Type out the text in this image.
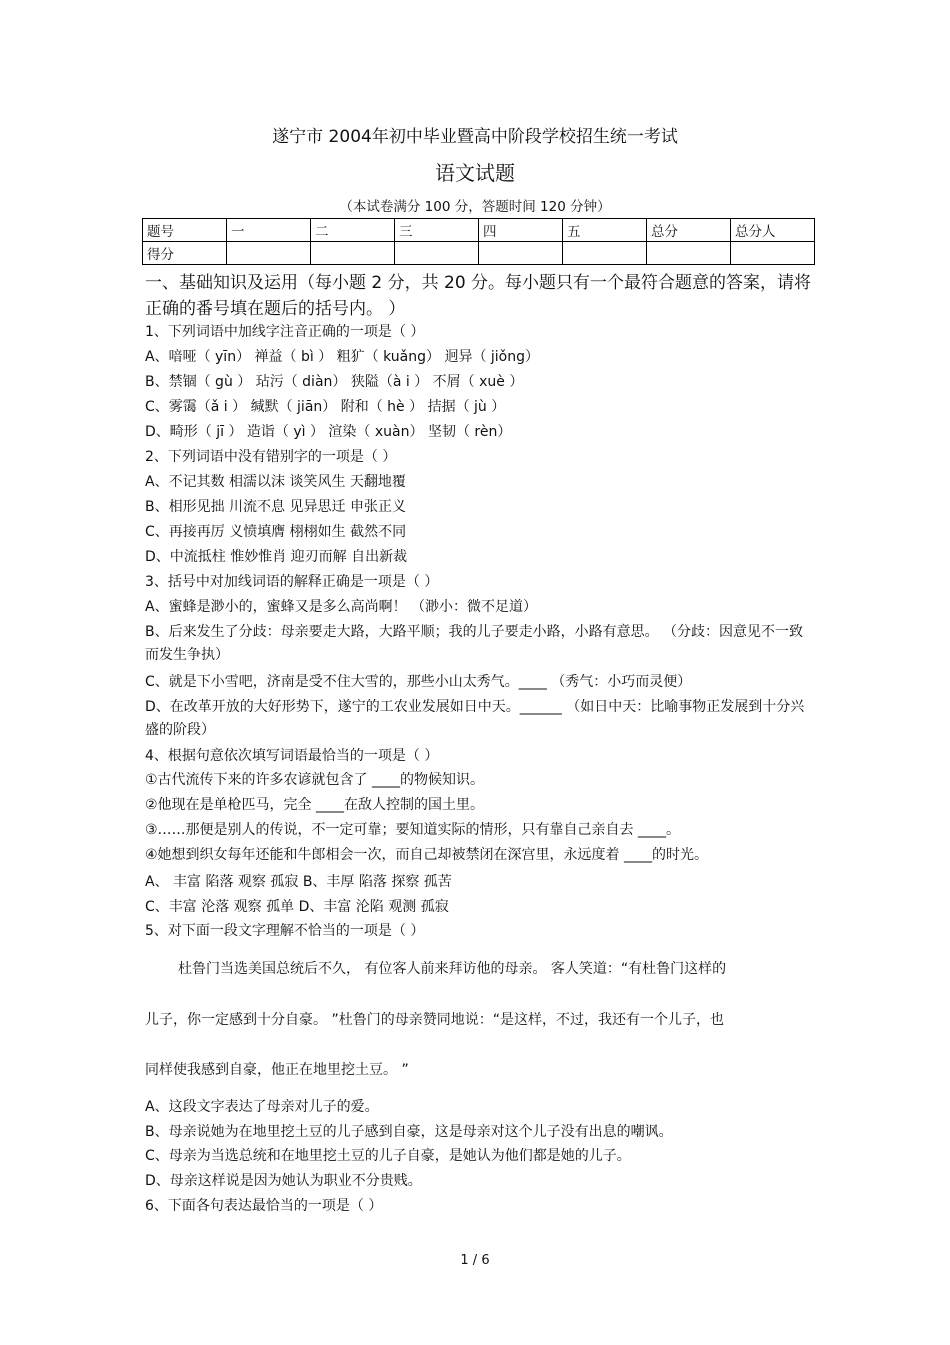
遂宁市 2004年初中毕业暨高中阶段学校招生统一考试
语文试题
（本试卷满分 100 分，答题时间 120 分钟）
题号	一	二	三	四	五	总分	总分人
得分							
一、基础知识及运用（每小题 2 分，共 20 分。每小题只有一个最符合题意的答案，请将正确的番号填在题后的括号内。 ）
1、下列词语中加线字注音正确的一项是（ ）
A、喑哑（ yīn） 禅益（ bì ） 粗犷（ kuǎng） 迥异（ jiǒng）
B、禁锢（ gù ） 玷污（ diàn） 狭隘（à i ） 不屑（ xuè ）
C、雾霭（ǎ i ） 缄默（ jiān） 附和（ hè ） 拮据（ jù ）
D、畸形（ jī ） 造诣（ yì ） 渲染（ xuàn） 坚韧（ rèn）
2、下列词语中没有错别字的一项是（ ）
A、不记其数 相濡以沫 谈笑风生 天翻地覆
B、相形见拙 川流不息 见异思迁 申张正义
C、再接再厉 义愤填膺 栩栩如生 截然不同
D、中流抵柱 惟妙惟肖 迎刃而解 自出新裁
3、括号中对加线词语的解释正确是一项是（ ）
A、蜜蜂是渺小的，蜜蜂又是多么高尚啊！ （渺小：微不足道）
B、后来发生了分歧：母亲要走大路，大路平顺；我的儿子要走小路，小路有意思。 （分歧：因意见不一致而发生争执）
C、就是下小雪吧，济南是受不住大雪的，那些小山太秀气。____ （秀气：小巧而灵便）
D、在改革开放的大好形势下，遂宁的工农业发展如日中天。______ （如日中天：比喻事物正发展到十分兴盛的阶段）
4、根据句意依次填写词语最恰当的一项是（ ）
①古代流传下来的许多农谚就包含了 ____的物候知识。
②他现在是单枪匹马，完全 ____在敌人控制的国土里。
③……那便是别人的传说，不一定可靠；要知道实际的情形，只有靠自己亲自去 ____。
④她想到织女每年还能和牛郎相会一次，而自己却被禁闭在深宫里，永远度着 ____的时光。
A、 丰富 陷落 观察 孤寂 B、丰厚 陷落 探察 孤苦
C、丰富 沦落 观察 孤单 D、丰富 沦陷 观测 孤寂
5、对下面一段文字理解不恰当的一项是（ ）
杜鲁门当选美国总统后不久， 有位客人前来拜访他的母亲。 客人笑道：“有杜鲁门这样的
儿子，你一定感到十分自豪。 ”杜鲁门的母亲赞同地说：“是这样，不过，我还有一个儿子，也
同样使我感到自豪，他正在地里挖土豆。 ”
A、这段文字表达了母亲对儿子的爱。
B、母亲说她为在地里挖土豆的儿子感到自豪，这是母亲对这个儿子没有出息的嘲讽。
C、母亲为当选总统和在地里挖土豆的儿子自豪，是她认为他们都是她的儿子。
D、母亲这样说是因为她认为职业不分贵贱。
6、下面各句表达最恰当的一项是（ ）
1 / 6
